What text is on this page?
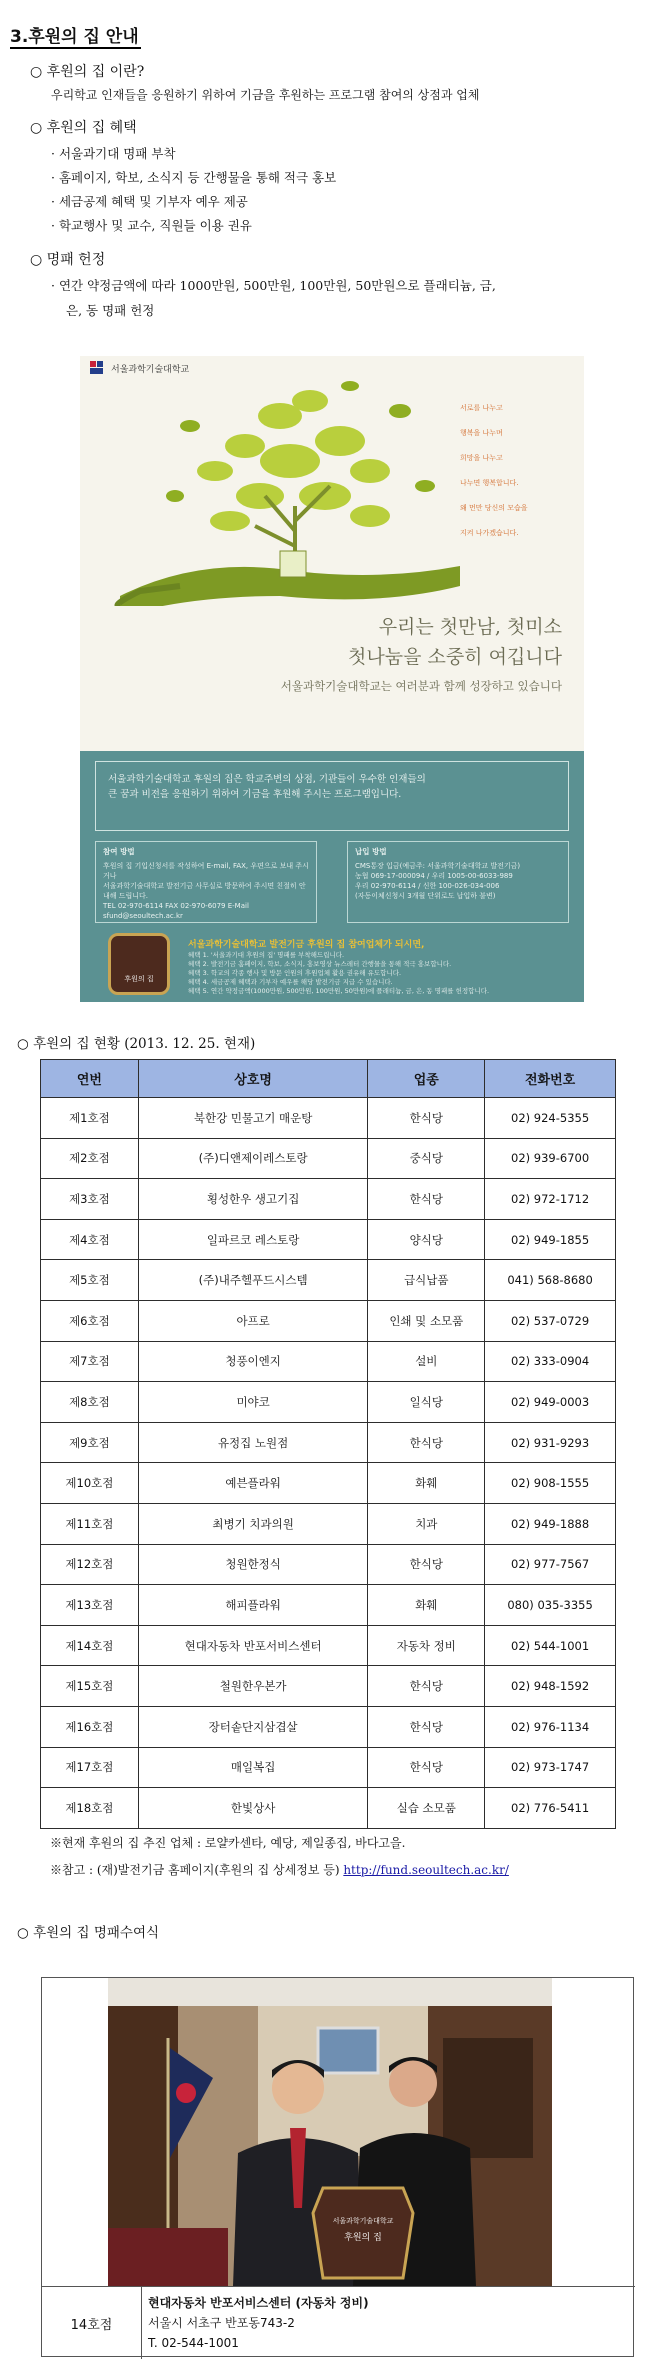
3.후원의 집 안내
○ 후원의 집 이란?
우리학교 인재들을 응원하기 위하여 기금을 후원하는 프로그램 참여의 상점과 업체
○ 후원의 집 혜택
· 서울과기대 명패 부착
· 홈페이지, 학보, 소식지 등 간행물을 통해 적극 홍보
· 세금공제 혜택 및 기부자 예우 제공
· 학교행사 및 교수, 직원들 이용 권유
○ 명패 헌정
· 연간 약정금액에 따라 1000만원, 500만원, 100만원, 50만원으로 플래티늄, 금,
은, 동 명패 헌정
서울과학기술대학교
서로를 나누고
행복을 나누며
희망을 나누고
나누면 행복합니다.
왜 먼만 당신의 모습을
지켜 나가겠습니다.
우리는 첫만남, 첫미소
첫나눔을 소중히 여깁니다
서울과학기술대학교는 여러분과 함께 성장하고 있습니다
서울과학기술대학교 후원의 집은 학교주변의 상점, 기관들이 우수한 인재들의
큰 꿈과 비전을 응원하기 위하여 기금을 후원해 주시는 프로그램입니다.
참여 방법
후원의 집 기입신청서를 작성하여 E-mail, FAX, 우편으로 보내 주시거나
서울과학기술대학교 발전기금 사무실로 방문하여 주시면 친절히 안내해 드립니다.
TEL 02-970-6114 FAX 02-970-6079 E-Mail sfund@seoultech.ac.kr
납입 방법
CMS통장 입금(예금주: 서울과학기술대학교 발전기금)
농협 069-17-000094 / 우리 1005-00-6033-989
우리 02-970-6114 / 신한 100-026-034-006
(자동이체신청시 3개월 단위로도 납입하 불변)
후원의 집
서울과학기술대학교 발전기금 후원의 집 참여업체가 되시면,
혜택 1. '서울과기대 후원의 집' 명패를 부착해드립니다.
혜택 2. 발전기금 홈페이지, 학보, 소식지, 홍보영상 뉴스레터 간행물을 통해 적극 홍보합니다.
혜택 3. 학교의 각종 행사 및 방문 인원의 후원업체 활용 권유해 유도합니다.
혜택 4. 세금공제 혜택과 기부자 예우를 해당 발전기금 지급 수 있습니다.
혜택 5. 연간 약정금액(1000만원, 500만원, 100만원, 50만원)에 플래티늄, 금, 은, 동 명패를 헌정합니다.
○ 후원의 집 현황 (2013. 12. 25. 현재)
연번	상호명	업종	전화번호
제1호점	북한강 민물고기 매운탕	한식당	02) 924-5355
제2호점	(주)디앤제이레스토랑	중식당	02) 939-6700
제3호점	횡성한우 생고기집	한식당	02) 972-1712
제4호점	일파르코 레스토랑	양식당	02) 949-1855
제5호점	(주)내주헬푸드시스템	급식납품	041) 568-8680
제6호점	아프로	인쇄 및 소모품	02) 537-0729
제7호점	청풍이엔지	설비	02) 333-0904
제8호점	미야코	일식당	02) 949-0003
제9호점	유정집 노원점	한식당	02) 931-9293
제10호점	예븐플라워	화훼	02) 908-1555
제11호점	최병기 치과의원	치과	02) 949-1888
제12호점	청원한정식	한식당	02) 977-7567
제13호점	해피플라워	화훼	080) 035-3355
제14호점	현대자동차 반포서비스센터	자동차 정비	02) 544-1001
제15호점	철원한우본가	한식당	02) 948-1592
제16호점	장터솥단지삼겹살	한식당	02) 976-1134
제17호점	매일복집	한식당	02) 973-1747
제18호점	한빛상사	실습 소모품	02) 776-5411
※현재 후원의 집 추진 업체 : 로얄카센타, 예당, 제일종집, 바다고을.
※참고 : (재)발전기금 홈페이지(후원의 집 상세정보 등) http://fund.seoultech.ac.kr/
○ 후원의 집 명패수여식
서울과학기술대학교
후원의 집
14호점
현대자동차 반포서비스센터 (자동차 정비)
서울시 서초구 반포동743-2
T. 02-544-1001
